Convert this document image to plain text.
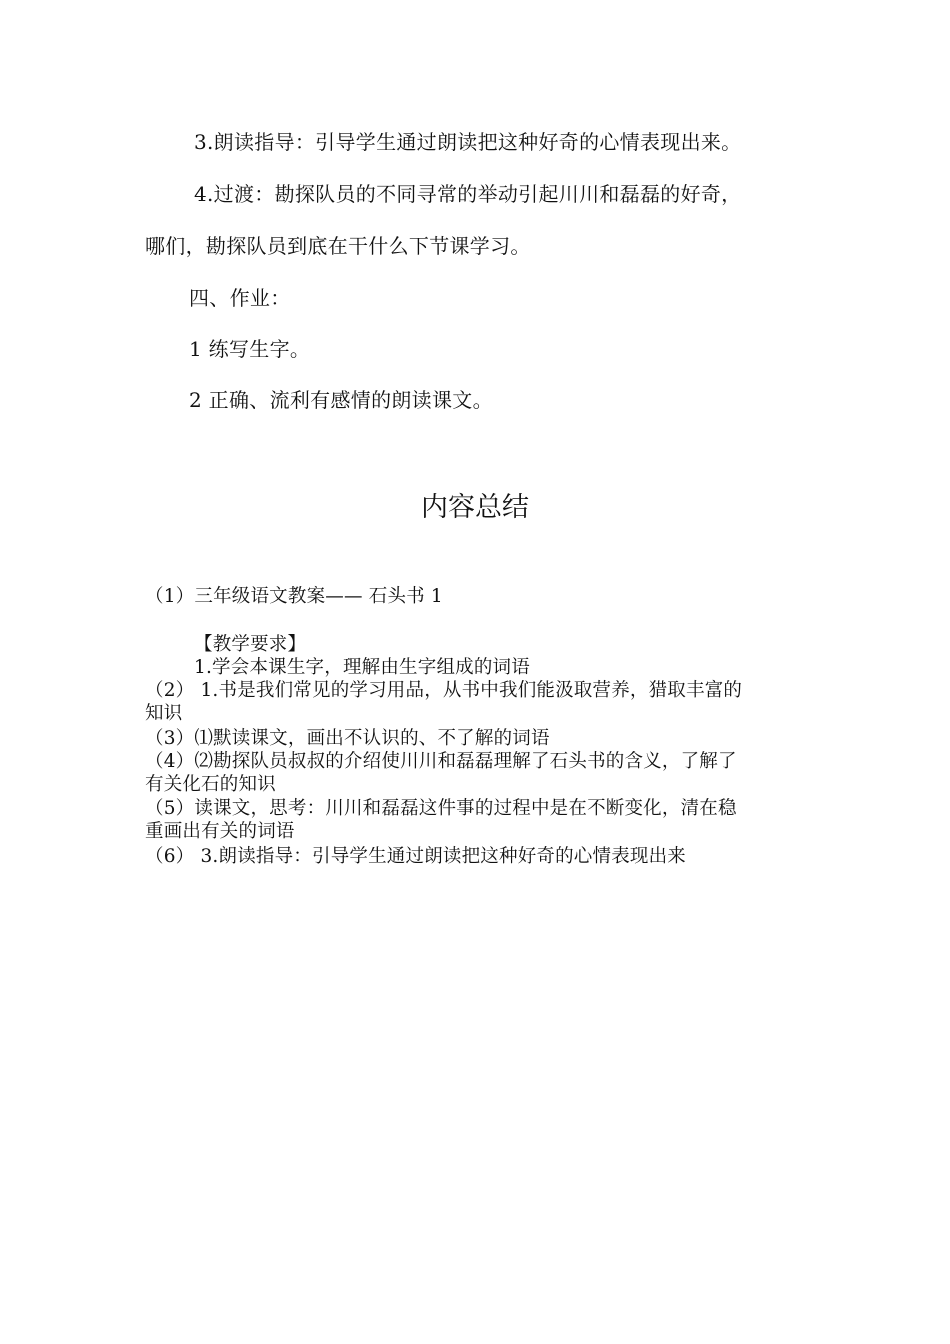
3.朗读指导：引导学生通过朗读把这种好奇的心情表现出来。
4.过渡：勘探队员的不同寻常的举动引起川川和磊磊的好奇，
哪们，勘探队员到底在干什么下节课学习。
四、作业：
1 练写生字。
2 正确、流利有感情的朗读课文。
内容总结
（1）三年级语文教案—— 石头书 1
【教学要求】
1.学会本课生字，理解由生字组成的词语
（2） 1.书是我们常见的学习用品，从书中我们能汲取营养，猎取丰富的
知识
（3）⑴默读课文，画出不认识的、不了解的词语
（4）⑵勘探队员叔叔的介绍使川川和磊磊理解了石头书的含义，了解了
有关化石的知识
（5）读课文，思考：川川和磊磊这件事的过程中是在不断变化，清在稳
重画出有关的词语
（6） 3.朗读指导：引导学生通过朗读把这种好奇的心情表现出来
